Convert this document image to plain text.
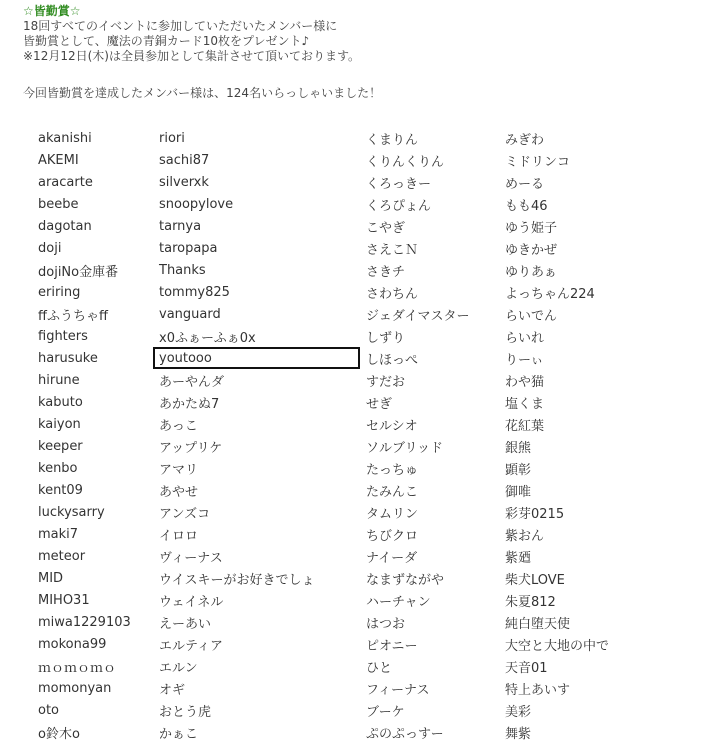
☆皆勤賞☆
18回すべてのイベントに参加していただいたメンバー様に
皆勤賞として、魔法の青銅カード10枚をプレゼント♪
※12月12日(木)は全員参加として集計させて頂いております。
今回皆勤賞を達成したメンバー様は、124名いらっしゃいました！
akanishi	riori	くまりん	みぎわ
AKEMI	sachi87	くりんくりん	ミドリンコ
aracarte	silverxk	くろっきー	めーる
beebe	snoopylove	くろぴょん	もも46
dagotan	tarnya	こやぎ	ゆう姫子
doji	taropapa	さえこＮ	ゆきかぜ
dojiNo金庫番	Thanks	さきチ	ゆりあぁ
eriring	tommy825	さわちん	よっちゃん224
ffふうちゃff	vanguard	ジェダイマスター	らいでん
fighters	x0ふぁーふぁ0x	しずり	らいれ
harusuke	youtooo	しほっぺ	りーぃ
hirune	あーやんダ	すだお	わや猫
kabuto	あかたぬ7	せぎ	塩くま
kaiyon	あっこ	セルシオ	花紅葉
keeper	アップリケ	ソルブリッド	銀熊
kenbo	アマリ	たっちゅ	顕彰
kent09	あやせ	たみんこ	御唯
luckysarry	アンズコ	タムリン	彩芽0215
maki7	イロロ	ちびクロ	紫おん
meteor	ヴィーナス	ナイーダ	紫廼
MID	ウイスキーがお好きでしょ	なまずながや	柴犬LOVE
MIHO31	ウェイネル	ハーチャン	朱夏812
miwa1229103	えーあい	はつお	純白堕天使
mokona99	エルティア	ピオニー	大空と大地の中で
ｍｏｍｏｍｏ	エルン	ひと	天音01
momonyan	オギ	フィーナス	特上あいす
oto	おとう虎	ブーケ	美彩
o鈴木o	かぁこ	ぷのぷっすー	舞紫
